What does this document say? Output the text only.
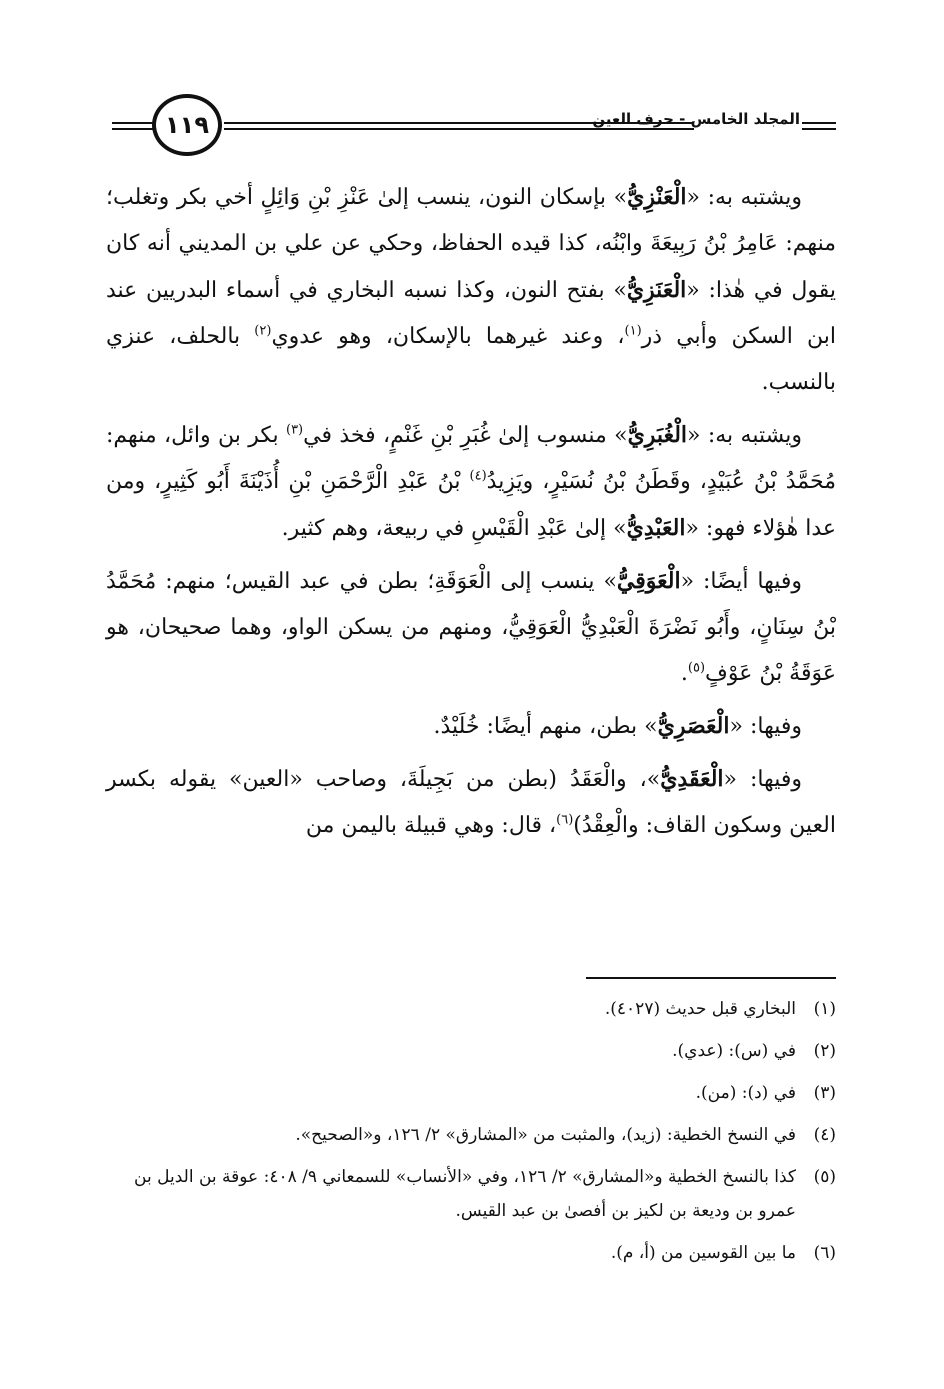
١١٩	المجلد الخامس - حرف العين

ويشتبه به: «الْعَنْزِيُّ» بإسكان النون، ينسب إلىٰ عَنْزِ بْنِ وَائِلٍ أخي بكر وتغلب؛ منهم: عَامِرُ بْنُ رَبِيعَةَ وابْنُه، كذا قيده الحفاظ، وحكي عن علي بن المديني أنه كان يقول في هٰذا: «الْعَنَزِيُّ» بفتح النون، وكذا نسبه البخاري في أسماء البدريين عند ابن السكن وأبي ذر$^{(١)}$، وعند غيرهما بالإسكان، وهو عدوي$^{(٢)}$ بالحلف، عنزي بالنسب.

ويشتبه به: «الْغُبَرِيُّ» منسوب إلىٰ غُبَرِ بْنِ غَنْمٍ، فخذ في$^{(٣)}$ بكر بن وائل، منهم: مُحَمَّدُ بْنُ عُبَيْدٍ، وقَطَنُ بْنُ نُسَيْرٍ، ويَزِيدُ$^{(٤)}$ بْنُ عَبْدِ الْرَّحْمَنِ بْنِ أُذَيْنَةَ أَبُو كَثِيرٍ، ومن عدا هٰؤلاء فهو: «العَبْدِيُّ» إلىٰ عَبْدِ الْقَيْسِ في ربيعة، وهم كثير.

وفيها أيضًا: «الْعَوَقِيُّ» ينسب إلى الْعَوَقَةِ؛ بطن في عبد القيس؛ منهم: مُحَمَّدُ بْنُ سِنَانٍ، وأَبُو نَضْرَةَ الْعَبْدِيُّ الْعَوَقِيُّ، ومنهم من يسكن الواو، وهما صحيحان، هو عَوَقَةُ بْنُ عَوْفٍ$^{(٥)}$.

وفيها: «الْعَصَرِيُّ» بطن، منهم أيضًا: خُلَيْدٌ.

وفيها: «الْعَقَدِيُّ»، والْعَقَدُ (بطن من بَجِيلَةَ، وصاحب «العين» يقوله بكسر العين وسكون القاف: والْعِقْدُ)$^{(٦)}$، قال: وهي قبيلة باليمن من

(١)
البخاري قبل حديث (٤٠٢٧).
(٢)
في (س): (عدي).
(٣)
في (د): (من).
(٤)
في النسخ الخطية: (زيد)، والمثبت من «المشارق» ٢/ ١٢٦، و«الصحيح».
(٥)
كذا بالنسخ الخطية و«المشارق» ٢/ ١٢٦، وفي «الأنساب» للسمعاني ٩/ ٤٠٨: عوقة بن الديل بن عمرو بن وديعة بن لكيز بن أفصىٰ بن عبد القيس.
(٦)
ما بين القوسين من (أ، م).
